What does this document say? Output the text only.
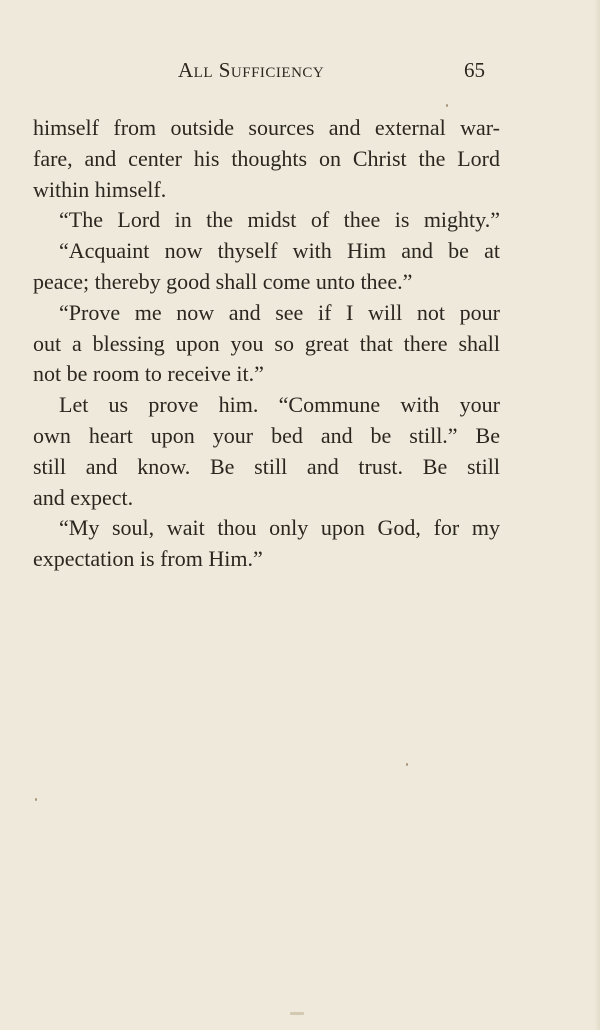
All Sufficiency	65
himself from outside sources and external war-
fare, and center his thoughts on Christ the Lord
within himself.
“The Lord in the midst of thee is mighty.”
“Acquaint now thyself with Him and be at
peace; thereby good shall come unto thee.”
“Prove me now and see if I will not pour
out a blessing upon you so great that there shall
not be room to receive it.”
Let us prove him. “Commune with your
own heart upon your bed and be still.” Be
still and know. Be still and trust. Be still
and expect.
“My soul, wait thou only upon God, for my
expectation is from Him.”
